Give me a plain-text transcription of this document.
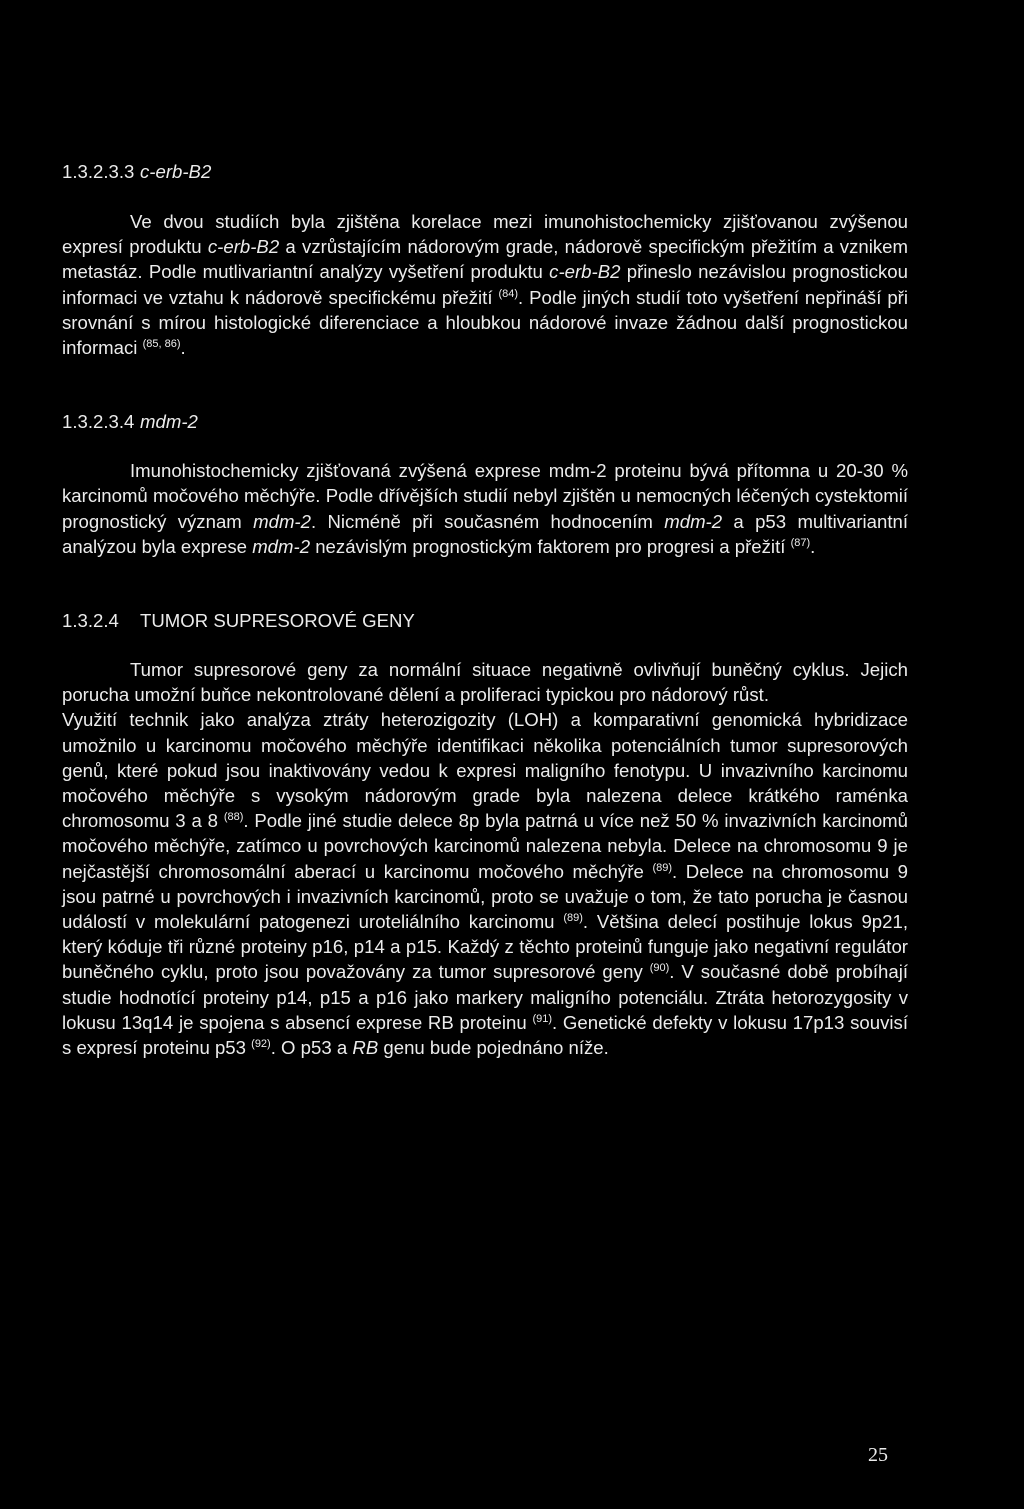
1.3.2.3.3 c-erb-B2

Ve dvou studiích byla zjištěna korelace mezi imunohistochemicky zjišťovanou zvýšenou expresí produktu c-erb-B2 a vzrůstajícím nádorovým grade, nádorově specifickým přežitím a vznikem metastáz. Podle mutlivariantní analýzy vyšetření produktu c-erb-B2 přineslo nezávislou prognostickou informaci ve vztahu k nádorově specifickému přežití $^{(84)}$. Podle jiných studií toto vyšetření nepřináší při srovnání s mírou histologické diferenciace a hloubkou nádorové invaze žádnou další prognostickou informaci $^{(85, 86)}$.

1.3.2.3.4 mdm-2

Imunohistochemicky zjišťovaná zvýšená exprese mdm-2 proteinu bývá přítomna u 20-30 % karcinomů močového měchýře. Podle dřívějších studií nebyl zjištěn u nemocných léčených cystektomií prognostický význam mdm-2. Nicméně při současném hodnocením mdm-2 a p53 multivariantní analýzou byla exprese mdm-2 nezávislým prognostickým faktorem pro progresi a přežití $^{(87)}$.

1.3.2.4 TUMOR SUPRESOROVÉ GENY

Tumor supresorové geny za normální situace negativně ovlivňují buněčný cyklus. Jejich porucha umožní buňce nekontrolované dělení a proliferaci typickou pro nádorový růst.

Využití technik jako analýza ztráty heterozigozity (LOH) a komparativní genomická hybridizace umožnilo u karcinomu močového měchýře identifikaci několika potenciálních tumor supresorových genů, které pokud jsou inaktivovány vedou k expresi maligního fenotypu. U invazivního karcinomu močového měchýře s vysokým nádorovým grade byla nalezena delece krátkého raménka chromosomu 3 a 8 $^{(88)}$. Podle jiné studie delece 8p byla patrná u více než 50 % invazivních karcinomů močového měchýře, zatímco u povrchových karcinomů nalezena nebyla. Delece na chromosomu 9 je nejčastější chromosomální aberací u karcinomu močového měchýře $^{(89)}$. Delece na chromosomu 9 jsou patrné u povrchových i invazivních karcinomů, proto se uvažuje o tom, že tato porucha je časnou událostí v molekulární patogenezi uroteliálního karcinomu $^{(89)}$. Většina delecí postihuje lokus 9p21, který kóduje tři různé proteiny p16, p14 a p15. Každý z těchto proteinů funguje jako negativní regulátor buněčného cyklu, proto jsou považovány za tumor supresorové geny $^{(90)}$. V současné době probíhají studie hodnotící proteiny p14, p15 a p16 jako markery maligního potenciálu. Ztráta hetorozygosity v lokusu 13q14 je spojena s absencí exprese RB proteinu $^{(91)}$. Genetické defekty v lokusu 17p13 souvisí s expresí proteinu p53 $^{(92)}$. O p53 a RB genu bude pojednáno níže.

25
